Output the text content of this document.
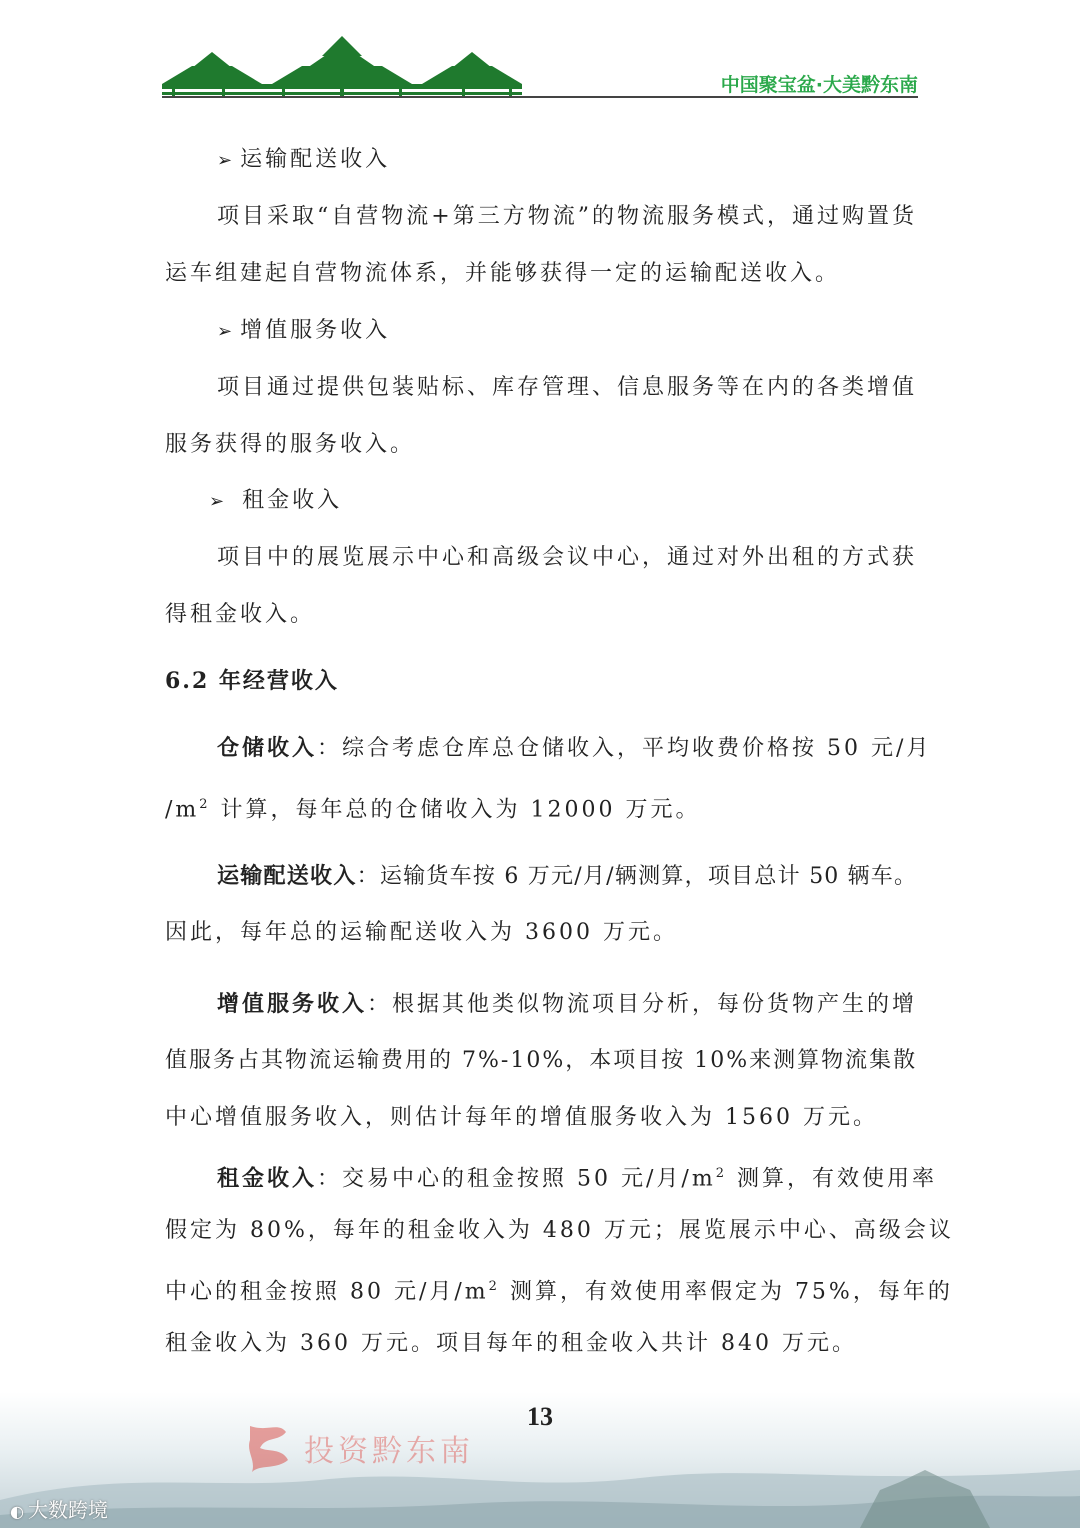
中国聚宝盆·大美黔东南
➢ 运输配送收入
项目采取“自营物流+第三方物流”的物流服务模式，通过购置货
运车组建起自营物流体系，并能够获得一定的运输配送收入。
➢ 增值服务收入
项目通过提供包装贴标、库存管理、信息服务等在内的各类增值
服务获得的服务收入。
➢ 租金收入
项目中的展览展示中心和高级会议中心，通过对外出租的方式获
得租金收入。
6.2 年经营收入
仓储收入：综合考虑仓库总仓储收入，平均收费价格按 50 元/月
$/m^2$ 计算，每年总的仓储收入为 12000 万元。
运输配送收入：运输货车按 6 万元/月/辆测算，项目总计 50 辆车。
因此，每年总的运输配送收入为 3600 万元。
增值服务收入：根据其他类似物流项目分析，每份货物产生的增
值服务占其物流运输费用的 7%-10%，本项目按 10%来测算物流集散
中心增值服务收入，则估计每年的增值服务收入为 1560 万元。
租金收入：交易中心的租金按照 50 元/月$/m^2$ 测算，有效使用率
假定为 80%，每年的租金收入为 480 万元；展览展示中心、高级会议
中心的租金按照 80 元/月$/m^2$ 测算，有效使用率假定为 75%，每年的
租金收入为 360 万元。项目每年的租金收入共计 840 万元。
投资黔东南
13
◐ 大数跨境
